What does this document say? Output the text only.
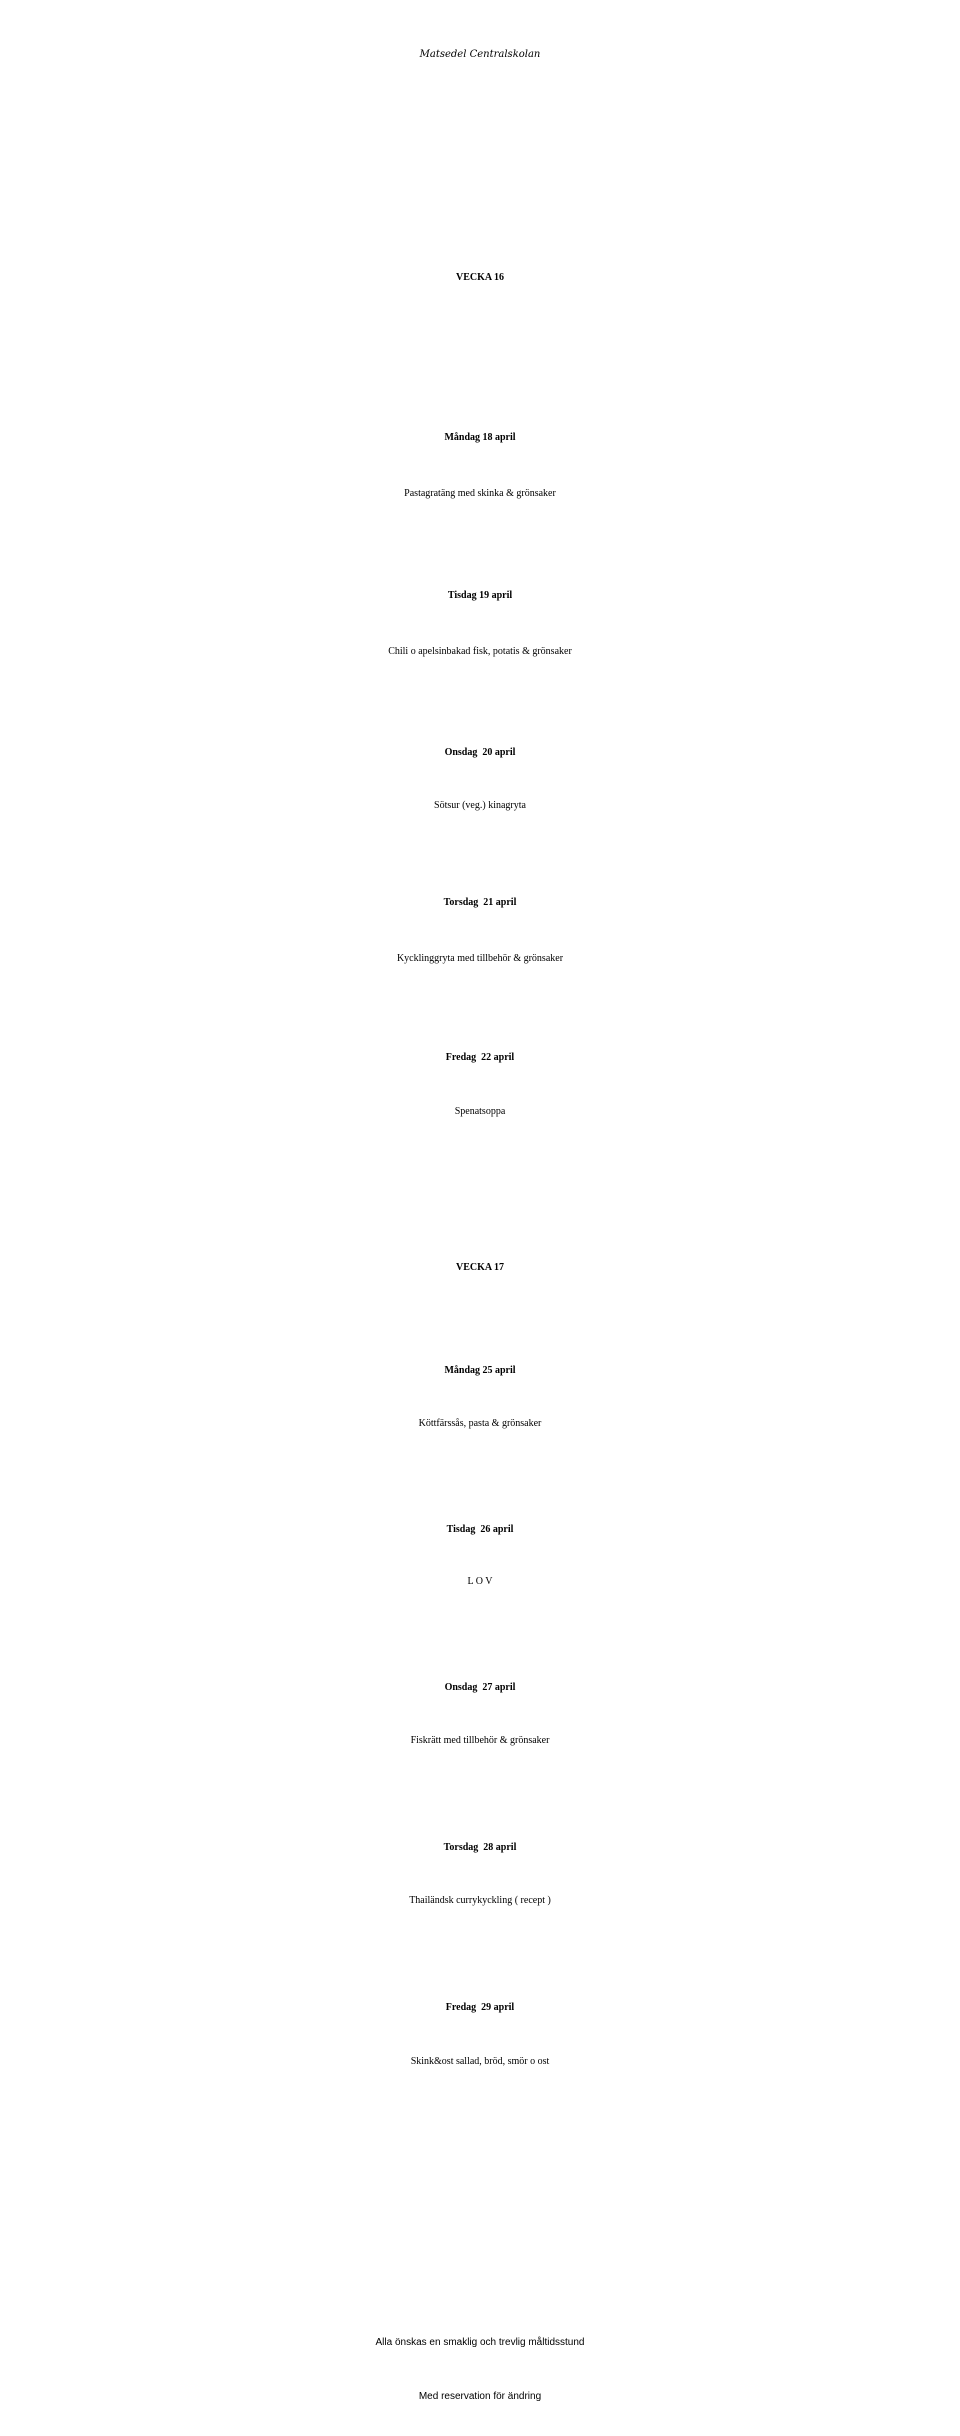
Matsedel Centralskolan
VECKA 16
Måndag 18 april
Pastagratäng med skinka & grönsaker
Tisdag 19 april
Chili o apelsinbakad fisk, potatis & grönsaker
Onsdag  20 april
Sötsur (veg.) kinagryta
Torsdag  21 april
Kycklinggryta med tillbehör & grönsaker
Fredag  22 april
Spenatsoppa
VECKA 17
Måndag 25 april
Köttfärssås, pasta & grönsaker
Tisdag  26 april
L O V
Onsdag  27 april
Fiskrätt med tillbehör & grönsaker
Torsdag  28 april
Thailändsk currykyckling ( recept )
Fredag  29 april
Skink&ost sallad, bröd, smör o ost
Alla önskas en smaklig och trevlig måltidsstund
Med reservation för ändring
